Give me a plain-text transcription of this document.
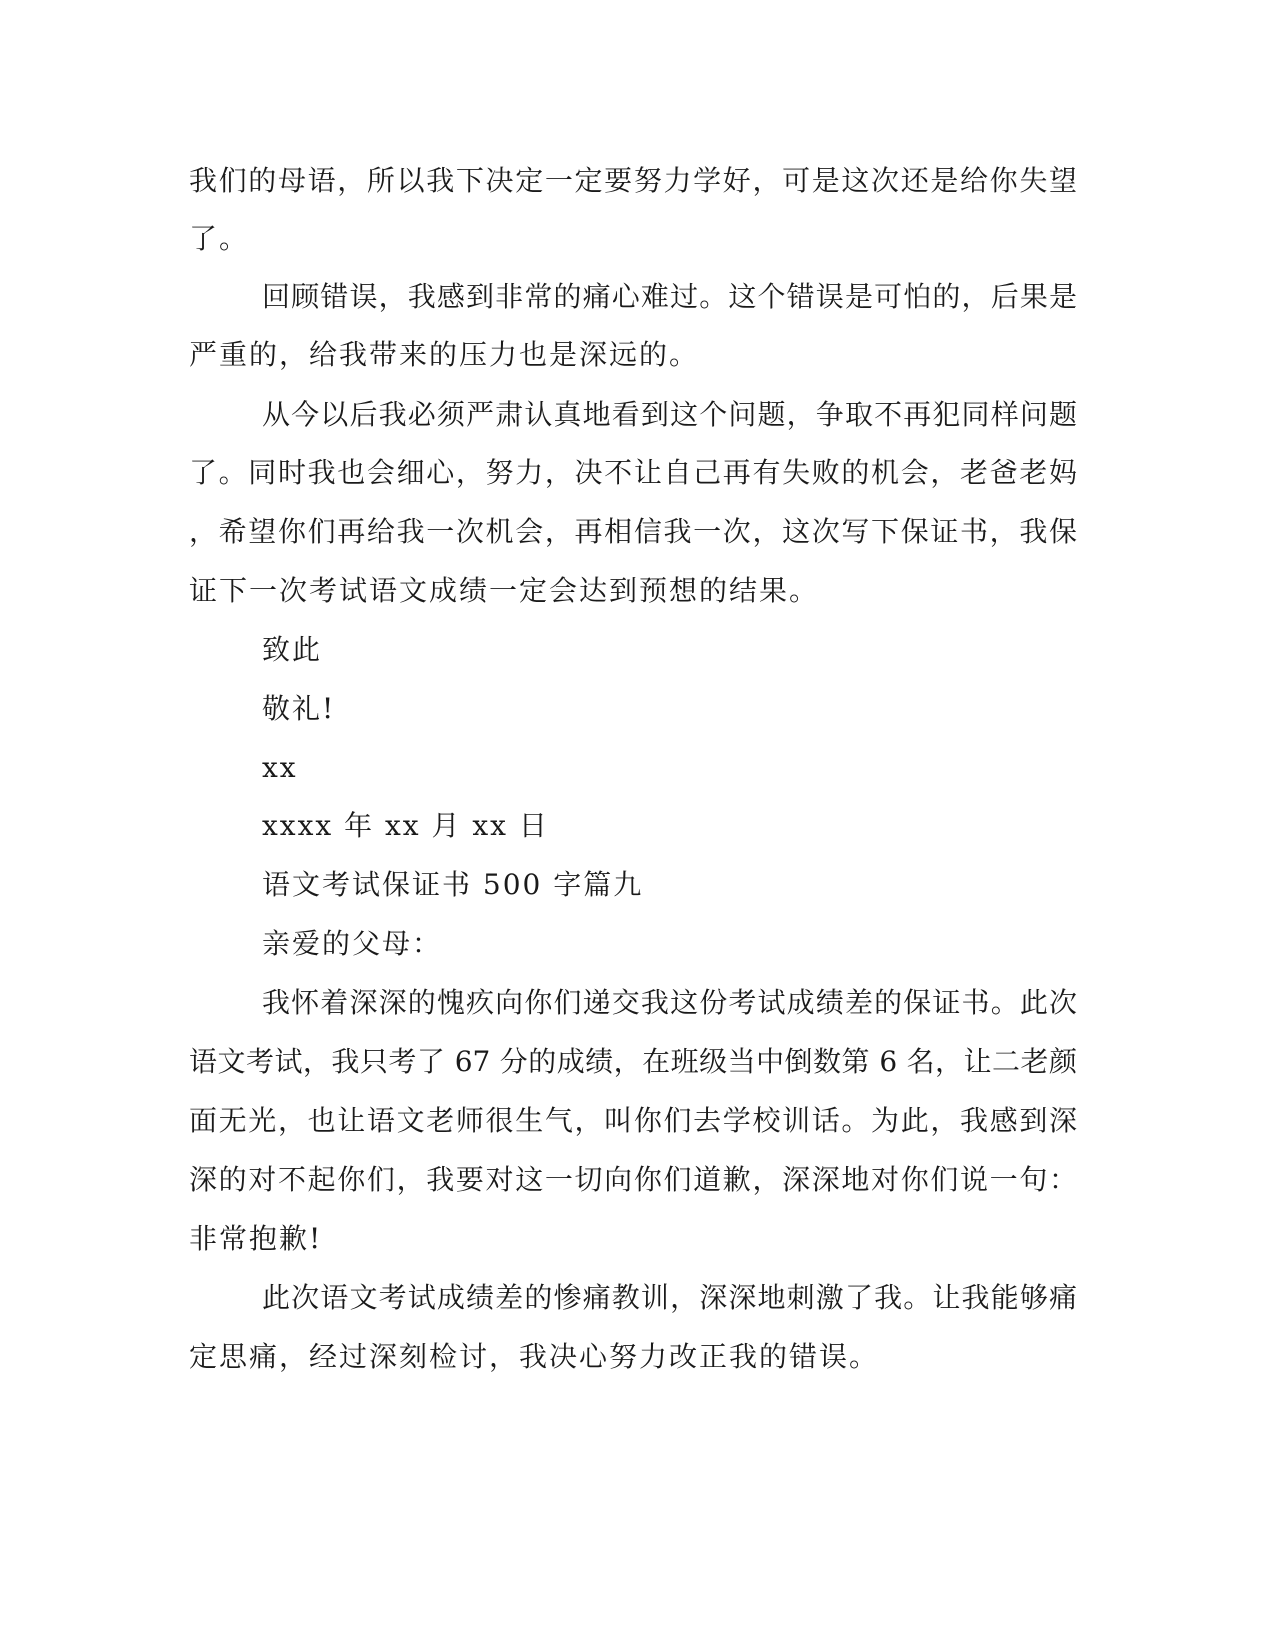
我们的母语，所以我下决定一定要努力学好，可是这次还是给你失望
了。
回顾错误，我感到非常的痛心难过。这个错误是可怕的，后果是
严重的，给我带来的压力也是深远的。
从今以后我必须严肃认真地看到这个问题，争取不再犯同样问题
了。同时我也会细心，努力，决不让自己再有失败的机会，老爸老妈
，希望你们再给我一次机会，再相信我一次，这次写下保证书，我保
证下一次考试语文成绩一定会达到预想的结果。
致此
敬礼!
xx
xxxx 年 xx 月 xx 日
语文考试保证书 500 字篇九
亲爱的父母：
我怀着深深的愧疚向你们递交我这份考试成绩差的保证书。此次
语文考试，我只考了 67 分的成绩，在班级当中倒数第 6 名，让二老颜
面无光，也让语文老师很生气，叫你们去学校训话。为此，我感到深
深的对不起你们，我要对这一切向你们道歉，深深地对你们说一句：
非常抱歉!
此次语文考试成绩差的惨痛教训，深深地刺激了我。让我能够痛
定思痛，经过深刻检讨，我决心努力改正我的错误。
